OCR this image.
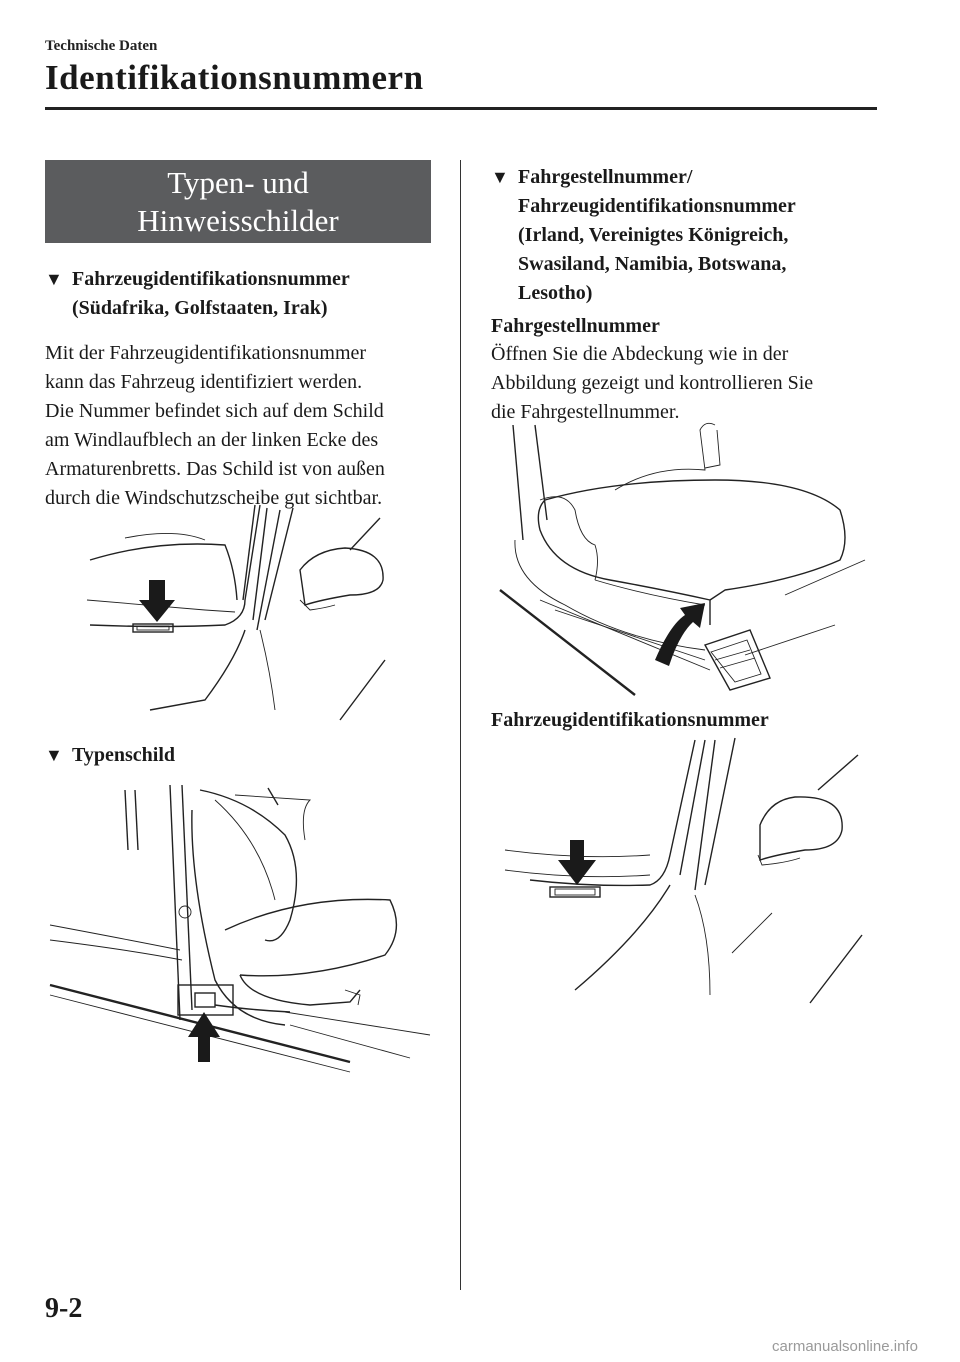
Technische Daten
Identifikationsnummern
Typen- und
Hinweisschilder
▼ Fahrzeugidentifikationsnummer
(Südafrika, Golfstaaten, Irak)
Mit der Fahrzeugidentifikationsnummer
kann das Fahrzeug identifiziert werden.
Die Nummer befindet sich auf dem Schild
am Windlaufblech an der linken Ecke des
Armaturenbretts. Das Schild ist von außen
durch die Windschutzscheibe gut sichtbar.
▼ Typenschild
▼ Fahrgestellnummer/
Fahrzeugidentifikationsnummer
(Irland, Vereinigtes Königreich,
Swasiland, Namibia, Botswana,
Lesotho)
Fahrgestellnummer
Öffnen Sie die Abdeckung wie in der
Abbildung gezeigt und kontrollieren Sie
die Fahrgestellnummer.
Fahrzeugidentifikationsnummer
9-2
carmanualsonline.info
